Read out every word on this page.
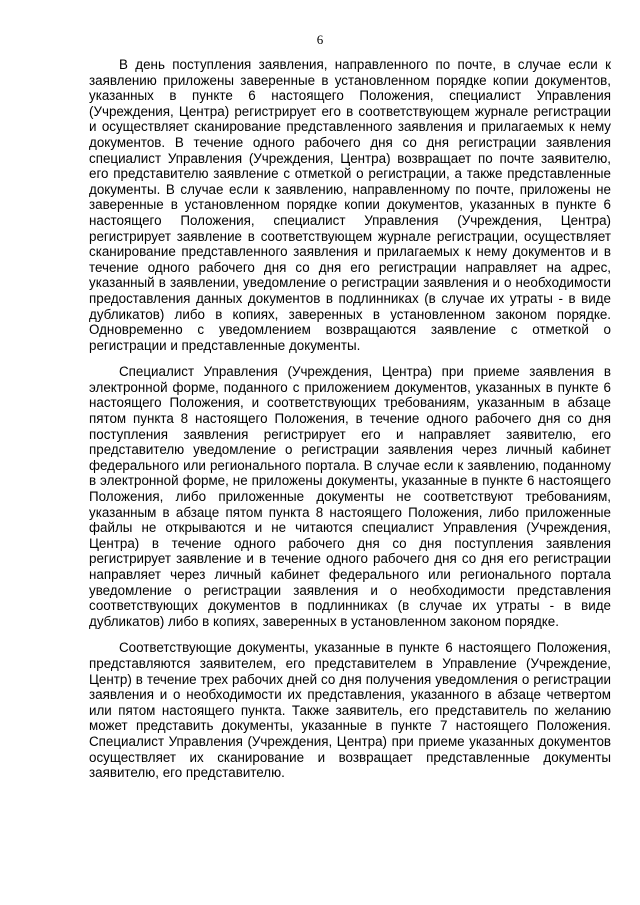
6

В день поступления заявления, направленного по почте, в случае если к заявлению приложены заверенные в установленном порядке копии документов, указанных в пункте 6 настоящего Положения, специалист Управления (Учреждения, Центра) регистрирует его в соответствующем журнале регистрации и осуществляет сканирование представленного заявления и прилагаемых к нему документов. В течение одного рабочего дня со дня регистрации заявления специалист Управления (Учреждения, Центра) возвращает по почте заявителю, его представителю заявление с отметкой о регистрации, а также представленные документы. В случае если к заявлению, направленному по почте, приложены не заверенные в установленном порядке копии документов, указанных в пункте 6 настоящего Положения, специалист Управления (Учреждения, Центра) регистрирует заявление в соответствующем журнале регистрации, осуществляет сканирование представленного заявления и прилагаемых к нему документов и в течение одного рабочего дня со дня его регистрации направляет на адрес, указанный в заявлении, уведомление о регистрации заявления и о необходимости предоставления данных документов в подлинниках (в случае их утраты - в виде дубликатов) либо в копиях, заверенных в установленном законом порядке. Одновременно с уведомлением возвращаются заявление с отметкой о регистрации и представленные документы.

Специалист Управления (Учреждения, Центра) при приеме заявления в электронной форме, поданного с приложением документов, указанных в пункте 6 настоящего Положения, и соответствующих требованиям, указанным в абзаце пятом пункта 8 настоящего Положения, в течение одного рабочего дня со дня поступления заявления регистрирует его и направляет заявителю, его представителю уведомление о регистрации заявления через личный кабинет федерального или регионального портала. В случае если к заявлению, поданному в электронной форме, не приложены документы, указанные в пункте 6 настоящего Положения, либо приложенные документы не соответствуют требованиям, указанным в абзаце пятом пункта 8 настоящего Положения, либо приложенные файлы не открываются и не читаются специалист Управления (Учреждения, Центра) в течение одного рабочего дня со дня поступления заявления регистрирует заявление и в течение одного рабочего дня со дня его регистрации направляет через личный кабинет федерального или регионального портала уведомление о регистрации заявления и о необходимости представления соответствующих документов в подлинниках (в случае их утраты - в виде дубликатов) либо в копиях, заверенных в установленном законом порядке.

Соответствующие документы, указанные в пункте 6 настоящего Положения, представляются заявителем, его представителем в Управление (Учреждение, Центр) в течение трех рабочих дней со дня получения уведомления о регистрации заявления и о необходимости их представления, указанного в абзаце четвертом или пятом настоящего пункта. Также заявитель, его представитель по желанию может представить документы, указанные в пункте 7 настоящего Положения. Специалист Управления (Учреждения, Центра) при приеме указанных документов осуществляет их сканирование и возвращает представленные документы заявителю, его представителю.
